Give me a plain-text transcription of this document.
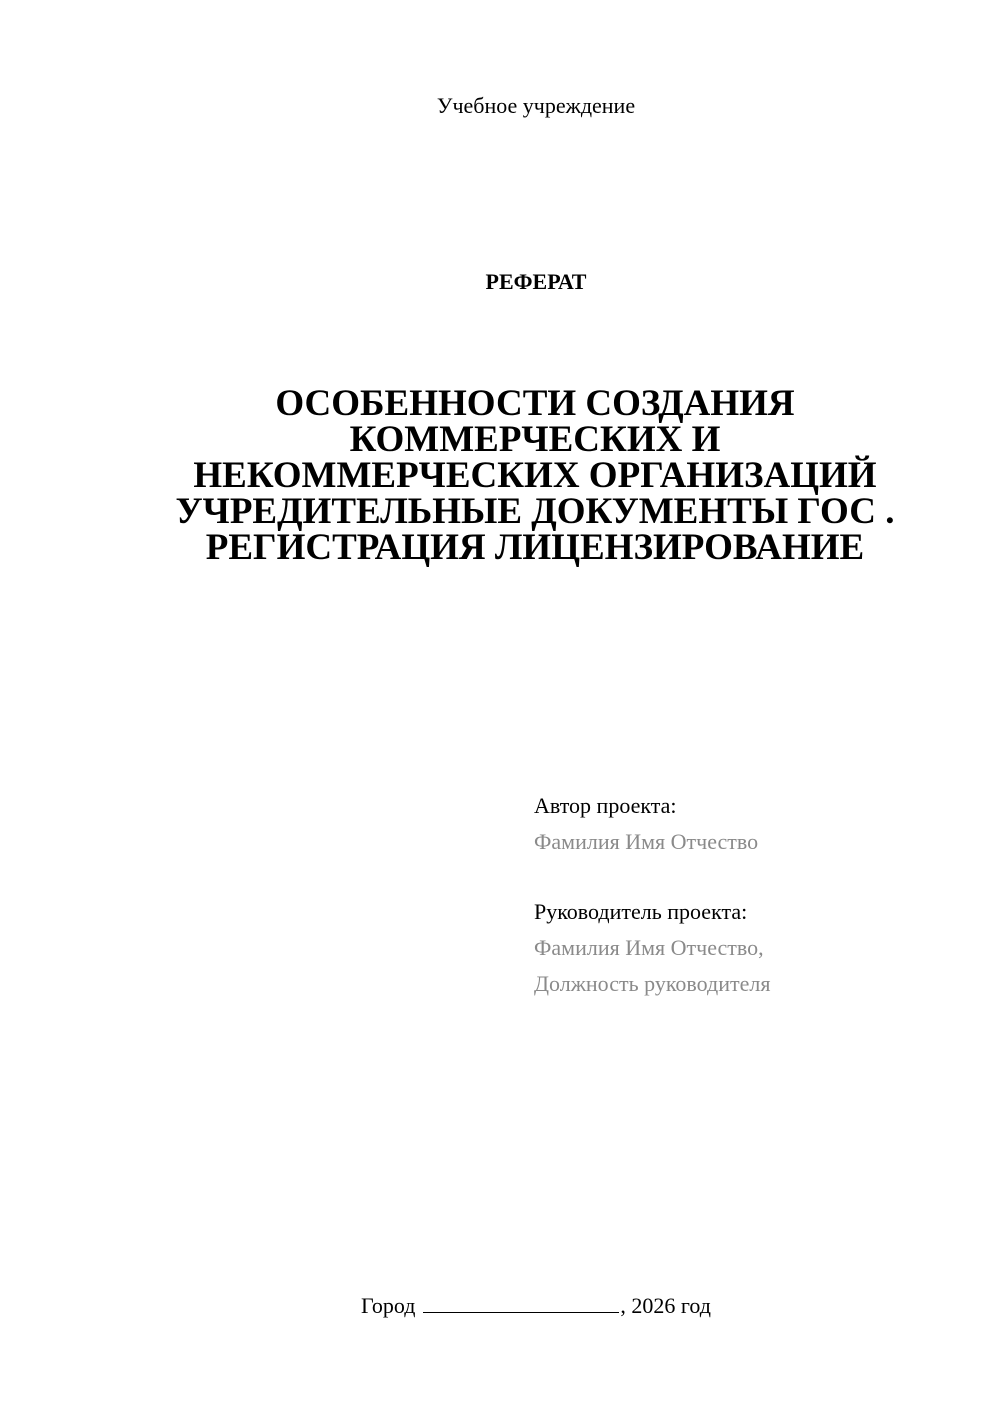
Учебное учреждение
РЕФЕРАТ
ОСОБЕННОСТИ СОЗДАНИЯ
КОММЕРЧЕСКИХ И
НЕКОММЕРЧЕСКИХ ОРГАНИЗАЦИЙ
УЧРЕДИТЕЛЬНЫЕ ДОКУМЕНТЫ ГОС .
РЕГИСТРАЦИЯ ЛИЦЕНЗИРОВАНИЕ
Автор проекта:
Фамилия Имя Отчество
Руководитель проекта:
Фамилия Имя Отчество,
Должность руководителя
Город	, 2026 год
